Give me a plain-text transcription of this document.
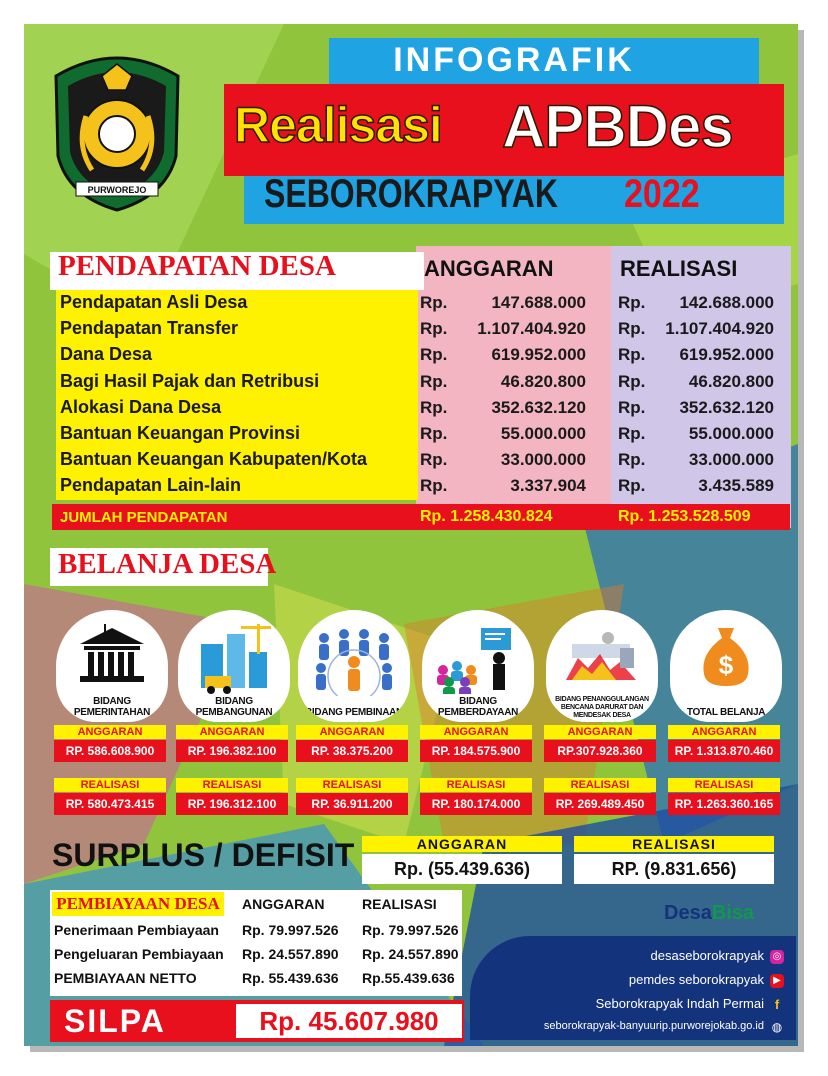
PURWOREJO
INFOGRAFIK
Realisasi APBDes
SEBOROKRAPYAK 2022
PENDAPATAN DESA	ANGGARAN	REALISASI
Pendapatan Asli Desa	Rp.	147.688.000 Rp.	142.688.000
Pendapatan Transfer	Rp.	1.107.404.920 Rp.	1.107.404.920
Dana Desa	Rp.	619.952.000 Rp.	619.952.000
Bagi Hasil Pajak dan Retribusi	Rp.	46.820.800 Rp.	46.820.800
Alokasi Dana Desa	Rp.	352.632.120 Rp.	352.632.120
Bantuan Keuangan Provinsi	Rp.	55.000.000 Rp.	55.000.000
Bantuan Keuangan Kabupaten/Kota	Rp.	33.000.000 Rp.	33.000.000
Pendapatan Lain-lain	Rp.	3.337.904 Rp.	3.435.589
JUMLAH PENDAPATAN	Rp. 1.258.430.824	Rp. 1.253.528.509
BELANJA DESA
BIDANG PEMERINTAHAN
ANGGARAN
RP. 586.608.900
REALISASI
RP. 580.473.415
BIDANG PEMBANGUNAN
ANGGARAN
RP. 196.382.100
REALISASI
RP. 196.312.100
BIDANG PEMBINAAN
ANGGARAN
RP. 38.375.200
REALISASI
RP. 36.911.200
BIDANG PEMBERDAYAAN
ANGGARAN
RP. 184.575.900
REALISASI
RP. 180.174.000
BIDANG PENANGGULANGAN BENCANA DARURAT DAN MENDESAK DESA
ANGGARAN
RP.307.928.360
REALISASI
RP. 269.489.450
$
TOTAL BELANJA
ANGGARAN
RP. 1.313.870.460
REALISASI
RP. 1.263.360.165
SURPLUS / DEFISIT	ANGGARAN
Rp. (55.439.636)
REALISASI
RP. (9.831.656)
PEMBIAYAAN DESA	ANGGARAN	REALISASI
Penerimaan Pembiayaan Rp. 79.997.526 Rp. 79.997.526
Pengeluaran Pembiayaan Rp. 24.557.890 Rp. 24.557.890
PEMBIAYAAN NETTO	Rp. 55.439.636 Rp.55.439.636
SILPA	Rp. 45.607.980
DesaBisa
desaseborokrapyak ◎
pemdes seborokrapyak ▶
Seborokrapyak Indah Permai f
seborokrapyak-banyuurip.purworejokab.go.id ◍
